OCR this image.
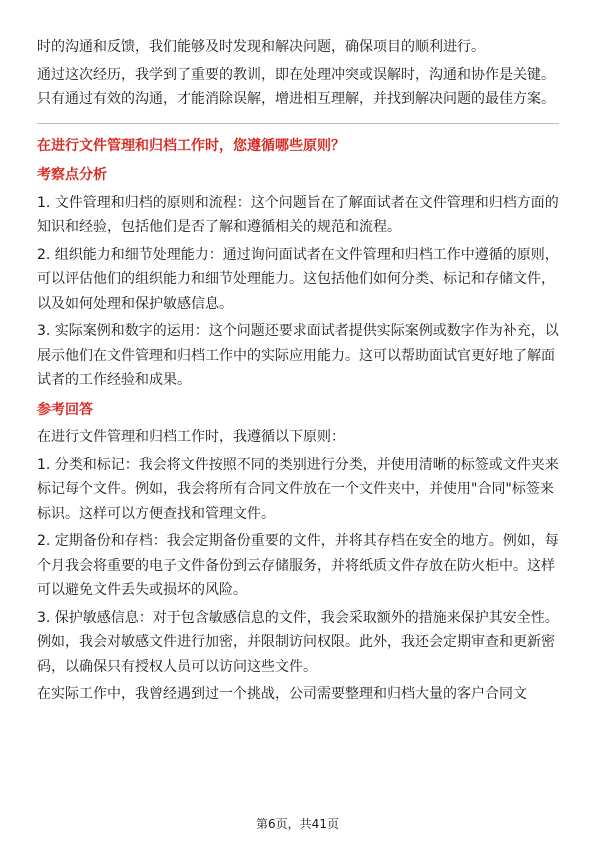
时的沟通和反馈，我们能够及时发现和解决问题，确保项目的顺利进行。

通过这次经历，我学到了重要的教训，即在处理冲突或误解时，沟通和协作是关键。只有通过有效的沟通，才能消除误解，增进相互理解，并找到解决问题的最佳方案。

在进行文件管理和归档工作时，您遵循哪些原则？

考察点分析

1. 文件管理和归档的原则和流程：这个问题旨在了解面试者在文件管理和归档方面的知识和经验，包括他们是否了解和遵循相关的规范和流程。

2. 组织能力和细节处理能力：通过询问面试者在文件管理和归档工作中遵循的原则，可以评估他们的组织能力和细节处理能力。这包括他们如何分类、标记和存储文件，以及如何处理和保护敏感信息。

3. 实际案例和数字的运用：这个问题还要求面试者提供实际案例或数字作为补充，以展示他们在文件管理和归档工作中的实际应用能力。这可以帮助面试官更好地了解面试者的工作经验和成果。

参考回答

在进行文件管理和归档工作时，我遵循以下原则：

1. 分类和标记：我会将文件按照不同的类别进行分类，并使用清晰的标签或文件夹来标记每个文件。例如，我会将所有合同文件放在一个文件夹中，并使用"合同"标签来标识。这样可以方便查找和管理文件。

2. 定期备份和存档：我会定期备份重要的文件，并将其存档在安全的地方。例如，每个月我会将重要的电子文件备份到云存储服务，并将纸质文件存放在防火柜中。这样可以避免文件丢失或损坏的风险。

3. 保护敏感信息：对于包含敏感信息的文件，我会采取额外的措施来保护其安全性。例如，我会对敏感文件进行加密，并限制访问权限。此外，我还会定期审查和更新密码，以确保只有授权人员可以访问这些文件。

在实际工作中，我曾经遇到过一个挑战，公司需要整理和归档大量的客户合同文

第6页，共41页
